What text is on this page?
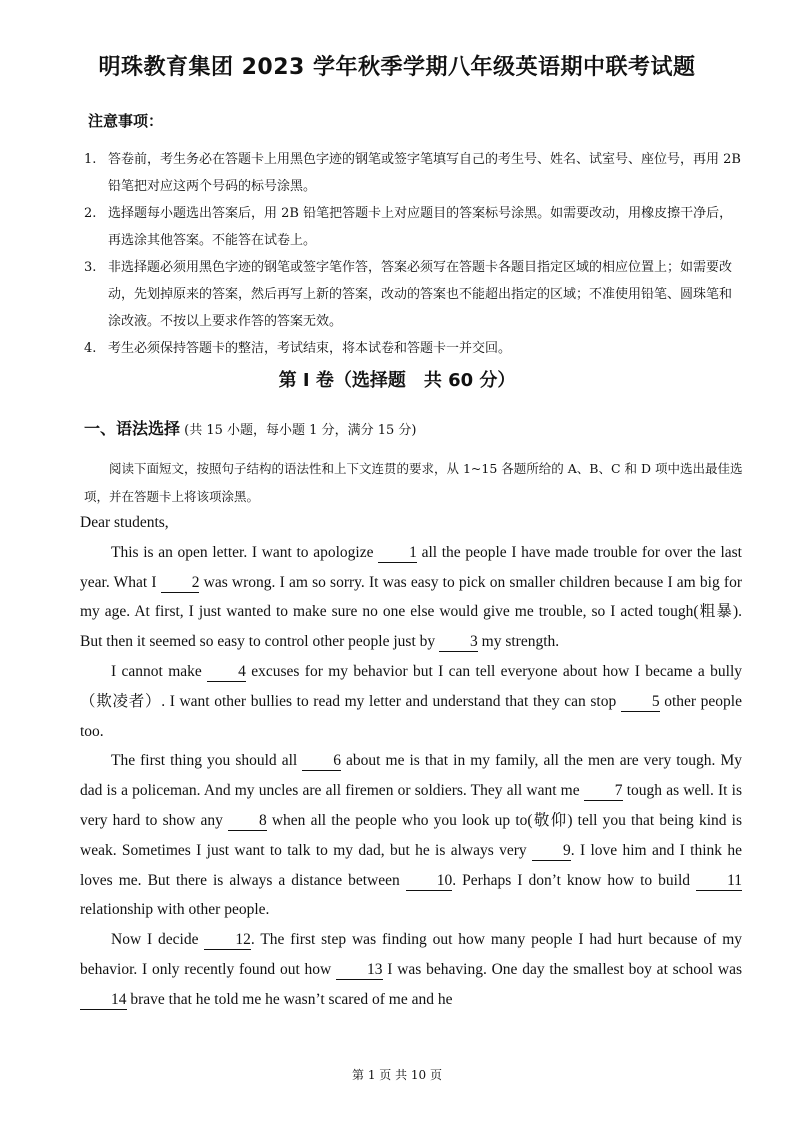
明珠教育集团 2023 学年秋季学期八年级英语期中联考试题
注意事项：
1. 答卷前，考生务必在答题卡上用黑色字迹的钢笔或签字笔填写自己的考生号、姓名、试室号、座位号，再用 2B 铅笔把对应这两个号码的标号涂黑。
2. 选择题每小题选出答案后，用 2B 铅笔把答题卡上对应题目的答案标号涂黑。如需要改动，用橡皮擦干净后，再选涂其他答案。不能答在试卷上。
3. 非选择题必须用黑色字迹的钢笔或签字笔作答，答案必须写在答题卡各题目指定区域的相应位置上；如需要改动，先划掉原来的答案，然后再写上新的答案，改动的答案也不能超出指定的区域；不准使用铅笔、圆珠笔和涂改液。不按以上要求作答的答案无效。
4. 考生必须保持答题卡的整洁，考试结束，将本试卷和答题卡一并交回。
第 I 卷（选择题　共 60 分）
一、语法选择 (共 15 小题，每小题 1 分，满分 15 分)
阅读下面短文，按照句子结构的语法性和上下文连贯的要求，从 1~15 各题所给的 A、B、C 和 D 项中选出最佳选项，并在答题卡上将该项涂黑。

Dear students,

This is an open letter. I want to apologize 1 all the people I have made trouble for over the last year. What I 2 was wrong. I am so sorry. It was easy to pick on smaller children because I am big for my age. At first, I just wanted to make sure no one else would give me trouble, so I acted tough(粗暴). But then it seemed so easy to control other people just by 3 my strength.

I cannot make 4 excuses for my behavior but I can tell everyone about how I became a bully（欺凌者）. I want other bullies to read my letter and understand that they can stop 5 other people too.

The first thing you should all 6 about me is that in my family, all the men are very tough. My dad is a policeman. And my uncles are all firemen or soldiers. They all want me 7 tough as well. It is very hard to show any 8 when all the people who you look up to(敬仰) tell you that being kind is weak. Sometimes I just want to talk to my dad, but he is always very 9. I love him and I think he loves me. But there is always a distance between 10. Perhaps I don’t know how to build 11 relationship with other people.

Now I decide 12. The first step was finding out how many people I had hurt because of my behavior. I only recently found out how 13 I was behaving. One day the smallest boy at school was 14 brave that he told me he wasn’t scared of me and he

第 1 页 共 10 页
